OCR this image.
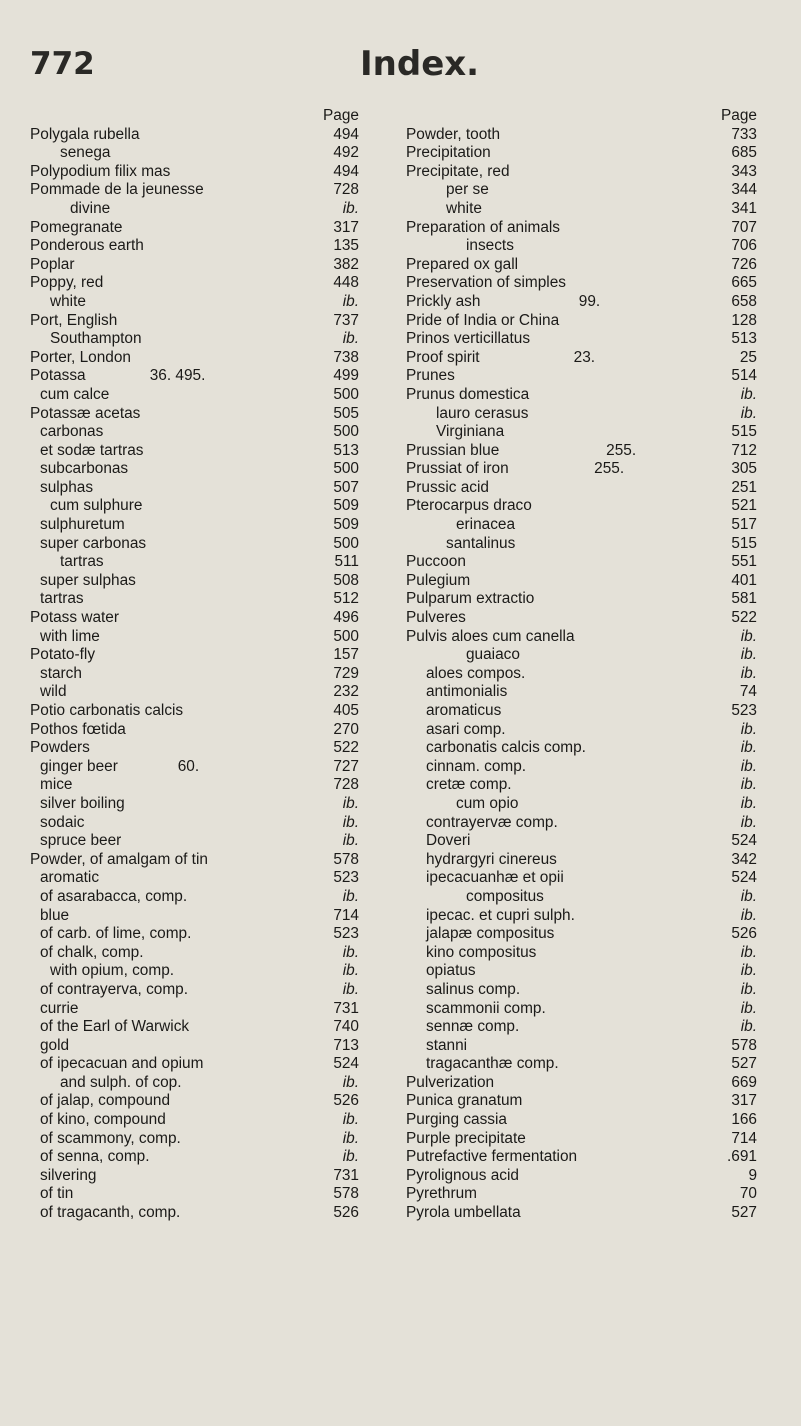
772	Index.
Page
Polygala rubella	494
senega	492
Polypodium filix mas	494
Pommade de la jeunesse	728
divine	ib.
Pomegranate	317
Ponderous earth	135
Poplar	382
Poppy, red	448
white	ib.
Port, English	737
Southampton	ib.
Porter, London	738
Potassa               36. 495.	499
cum calce	500
Potassæ acetas	505
carbonas	500
et sodæ tartras	513
subcarbonas	500
sulphas	507
cum sulphure	509
sulphuretum	509
super carbonas	500
tartras	511
super sulphas	508
tartras	512
Potass water	496
with lime	500
Potato-fly	157
starch	729
wild	232
Potio carbonatis calcis	405
Pothos fœtida	270
Powders	522
ginger beer              60.	727
mice	728
silver boiling	ib.
sodaic	ib.
spruce beer	ib.
Powder, of amalgam of tin	578
aromatic	523
of asarabacca, comp.	ib.
blue	714
of carb. of lime, comp.	523
of chalk, comp.	ib.
with opium, comp.	ib.
of contrayerva, comp.	ib.
currie	731
of the Earl of Warwick	740
gold	713
of ipecacuan and opium	524
and sulph. of cop.	ib.
of jalap, compound	526
of kino, compound	ib.
of scammony, comp.	ib.
of senna, comp.	ib.
silvering	731
of tin	578
of tragacanth, comp.	526
Page
Powder, tooth	733
Precipitation	685
Precipitate, red	343
per se	344
white	341
Preparation of animals	707
insects	706
Prepared ox gall	726
Preservation of simples	665
Prickly ash                       99.	658
Pride of India or China	128
Prinos verticillatus	513
Proof spirit                      23.	25
Prunes	514
Prunus domestica	ib.
lauro cerasus	ib.
Virginiana	515
Prussian blue                         255.	712
Prussiat of iron                    255.	305
Prussic acid	251
Pterocarpus draco	521
erinacea	517
santalinus	515
Puccoon	551
Pulegium	401
Pulparum extractio	581
Pulveres	522
Pulvis aloes cum canella	ib.
guaiaco	ib.
aloes compos.	ib.
antimonialis	74
aromaticus	523
asari comp.	ib.
carbonatis calcis comp.	ib.
cinnam. comp.	ib.
cretæ comp.	ib.
cum opio	ib.
contrayervæ comp.	ib.
Doveri	524
hydrargyri cinereus	342
ipecacuanhæ et opii	524
compositus	ib.
ipecac. et cupri sulph.	ib.
jalapæ compositus	526
kino compositus	ib.
opiatus	ib.
salinus comp.	ib.
scammonii comp.	ib.
sennæ comp.	ib.
stanni	578
tragacanthæ comp.	527
Pulverization	669
Punica granatum	317
Purging cassia	166
Purple precipitate	714
Putrefactive fermentation	.691
Pyrolignous acid	9
Pyrethrum	70
Pyrola umbellata	527
